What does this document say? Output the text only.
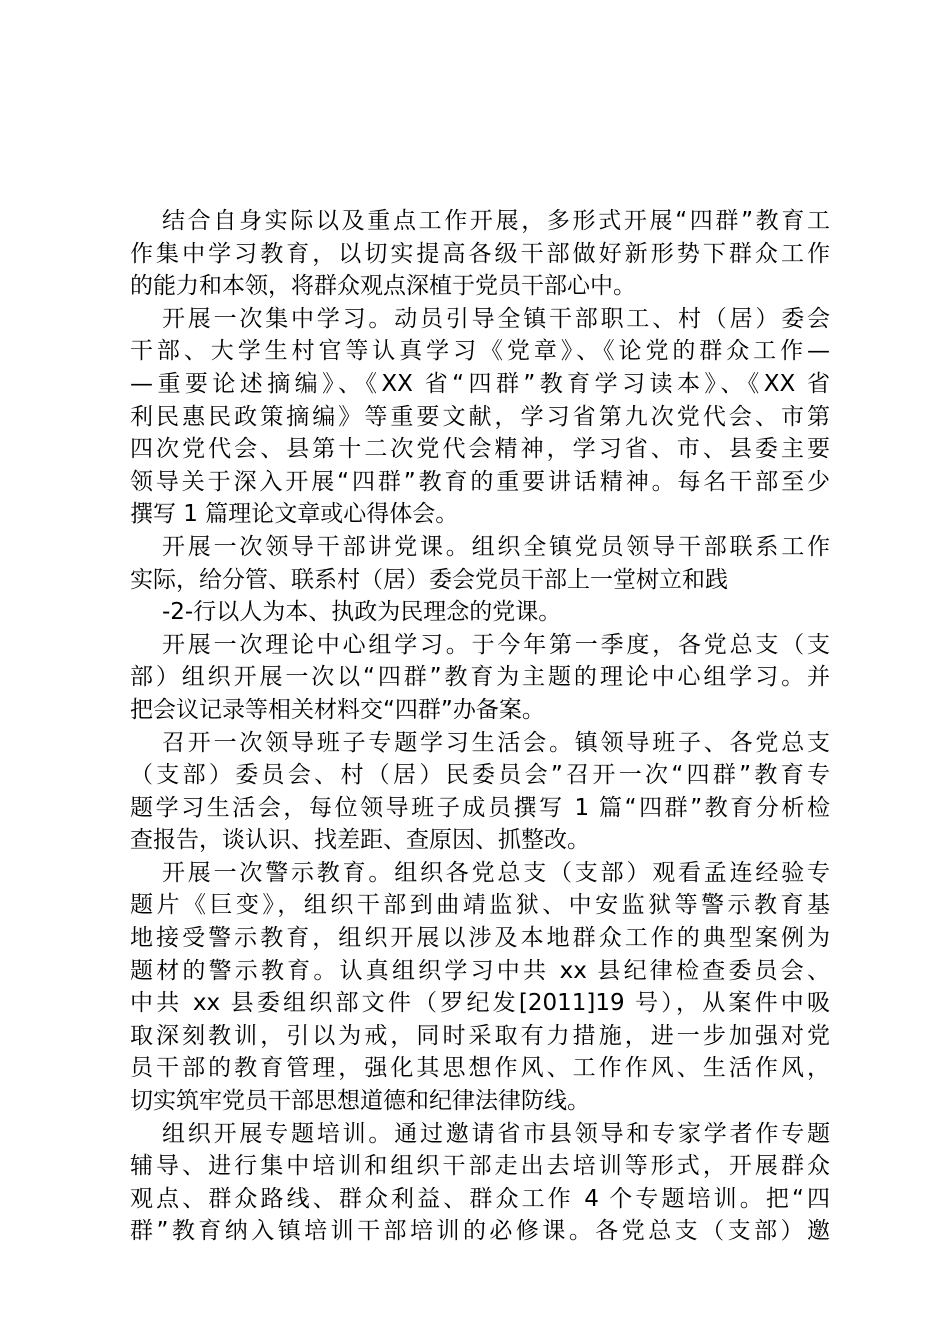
结合自身实际以及重点工作开展，多形式开展“四群”教育工
作集中学习教育，以切实提高各级干部做好新形势下群众工作
的能力和本领，将群众观点深植于党员干部心中。
开展一次集中学习。动员引导全镇干部职工、村（居）委会
干部、大学生村官等认真学习《党章》、《论党的群众工作—
—重要论述摘编》、《XX 省“四群”教育学习读本》、《XX 省
利民惠民政策摘编》等重要文献，学习省第九次党代会、市第
四次党代会、县第十二次党代会精神，学习省、市、县委主要
领导关于深入开展“四群”教育的重要讲话精神。每名干部至少
撰写 1 篇理论文章或心得体会。
开展一次领导干部讲党课。组织全镇党员领导干部联系工作
实际，给分管、联系村（居）委会党员干部上一堂树立和践
-2-行以人为本、执政为民理念的党课。
开展一次理论中心组学习。于今年第一季度，各党总支（支
部）组织开展一次以“四群”教育为主题的理论中心组学习。并
把会议记录等相关材料交“四群”办备案。
召开一次领导班子专题学习生活会。镇领导班子、各党总支
（支部）委员会、村（居）民委员会”召开一次“四群”教育专
题学习生活会，每位领导班子成员撰写 1 篇“四群”教育分析检
查报告，谈认识、找差距、查原因、抓整改。
开展一次警示教育。组织各党总支（支部）观看孟连经验专
题片《巨变》，组织干部到曲靖监狱、中安监狱等警示教育基
地接受警示教育，组织开展以涉及本地群众工作的典型案例为
题材的警示教育。认真组织学习中共 xx 县纪律检查委员会、
中共 xx 县委组织部文件（罗纪发[2011]19 号），从案件中吸
取深刻教训，引以为戒，同时采取有力措施，进一步加强对党
员干部的教育管理，强化其思想作风、工作作风、生活作风，
切实筑牢党员干部思想道德和纪律法律防线。
组织开展专题培训。通过邀请省市县领导和专家学者作专题
辅导、进行集中培训和组织干部走出去培训等形式，开展群众
观点、群众路线、群众利益、群众工作 4 个专题培训。把“四
群”教育纳入镇培训干部培训的必修课。各党总支（支部）邀
